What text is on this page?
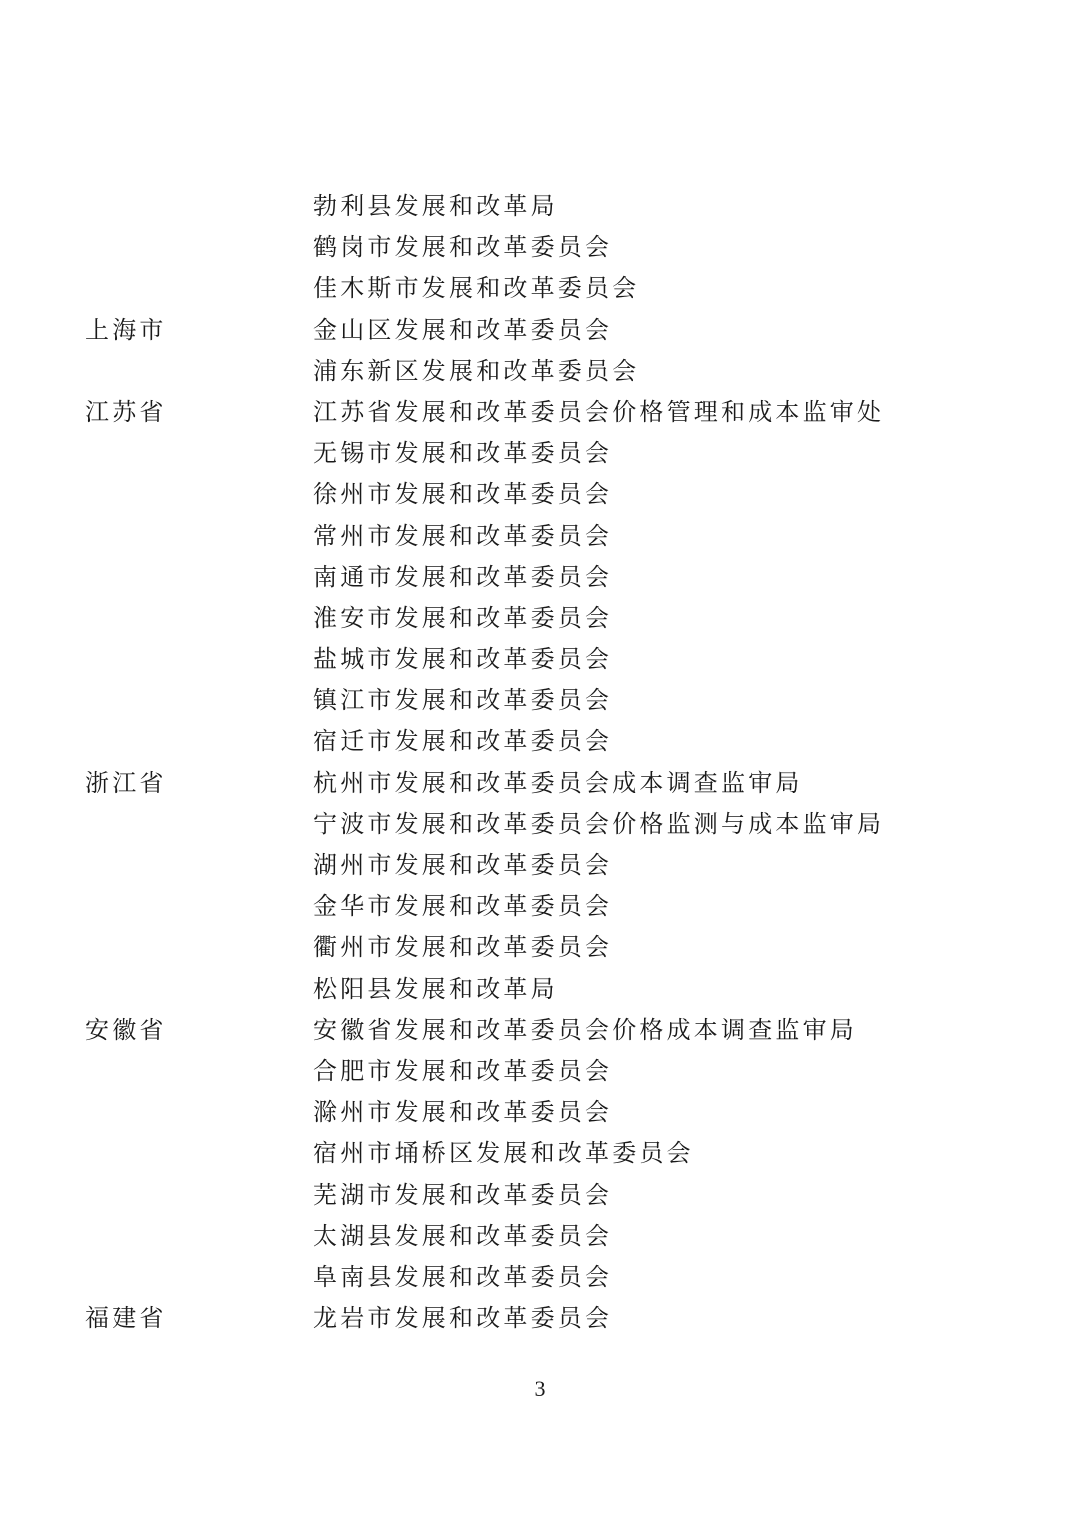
勃利县发展和改革局
鹤岗市发展和改革委员会
佳木斯市发展和改革委员会
上海市	金山区发展和改革委员会
浦东新区发展和改革委员会
江苏省	江苏省发展和改革委员会价格管理和成本监审处
无锡市发展和改革委员会
徐州市发展和改革委员会
常州市发展和改革委员会
南通市发展和改革委员会
淮安市发展和改革委员会
盐城市发展和改革委员会
镇江市发展和改革委员会
宿迁市发展和改革委员会
浙江省	杭州市发展和改革委员会成本调查监审局
宁波市发展和改革委员会价格监测与成本监审局
湖州市发展和改革委员会
金华市发展和改革委员会
衢州市发展和改革委员会
松阳县发展和改革局
安徽省	安徽省发展和改革委员会价格成本调查监审局
合肥市发展和改革委员会
滁州市发展和改革委员会
宿州市埇桥区发展和改革委员会
芜湖市发展和改革委员会
太湖县发展和改革委员会
阜南县发展和改革委员会
福建省	龙岩市发展和改革委员会
3
